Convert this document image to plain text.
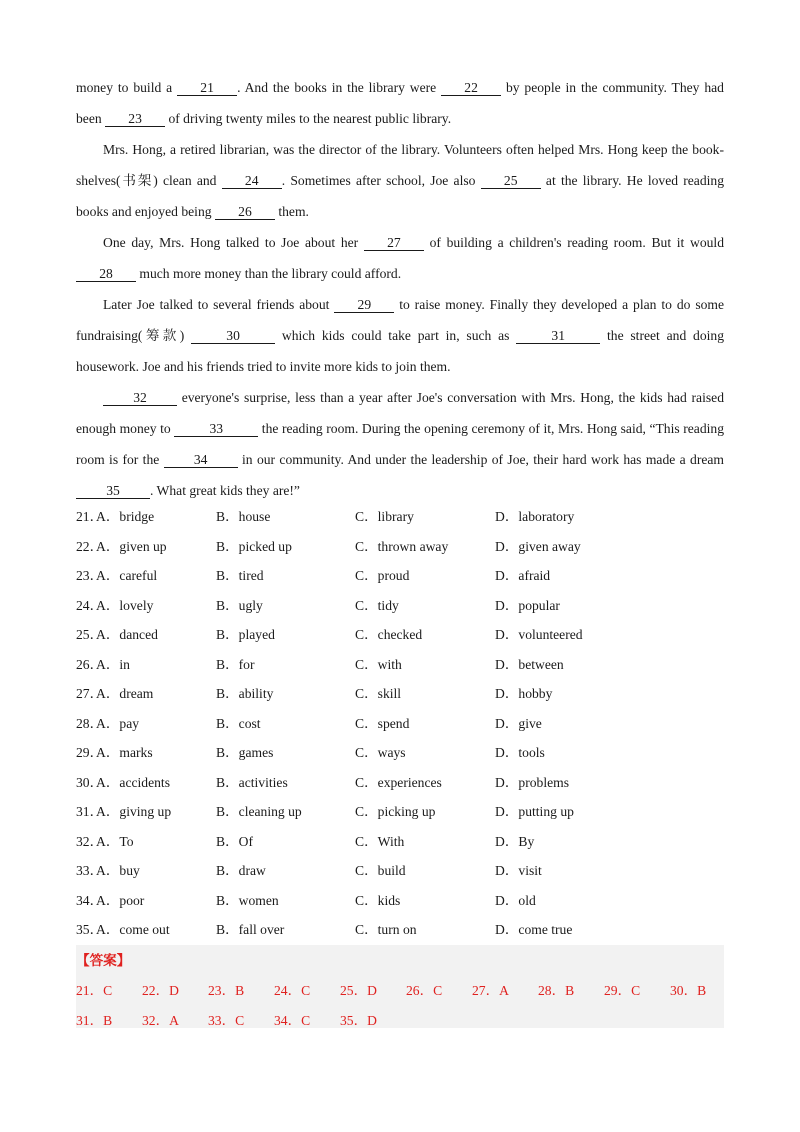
money to build a 21 . And the books in the library were 22 by people in the community. They had been 23 of driving twenty miles to the nearest public library.

Mrs. Hong, a retired librarian, was the director of the library. Volunteers often helped Mrs. Hong keep the book-shelves(书架) clean and 24 . Sometimes after school, Joe also 25 at the library. He loved reading books and enjoyed being 26 them.

One day, Mrs. Hong talked to Joe about her 27 of building a children's reading room. But it would 28 much more money than the library could afford.

Later Joe talked to several friends about 29 to raise money. Finally they developed a plan to do some fundraising(筹款)	30	which kids could take part in, such as	31	the street and doing housework. Joe and his friends tried to invite more kids to join them.

32 everyone's surprise, less than a year after Joe's conversation with Mrs. Hong, the kids had raised enough money to	33	the reading room. During the opening ceremony of it, Mrs. Hong said, “This reading room is for the 34 in our community. And under the leadership of Joe, their hard work has made a dream 35 . What great kids they are!”

21．
A．bridge	B．house	C．library	D．laboratory
22．
A．given up	B．picked up	C．thrown away	D．given away
23．
A．careful	B．tired	C．proud	D．afraid
24．
A．lovely	B．ugly	C．tidy	D．popular
25．
A．danced	B．played	C．checked	D．volunteered
26．
A．in	B．for	C．with	D．between
27．
A．dream	B．ability	C．skill	D．hobby
28．
A．pay	B．cost	C．spend	D．give
29．
A．marks	B．games	C．ways	D．tools
30．
A．accidents	B．activities	C．experiences	D．problems
31．
A．giving up	B．cleaning up	C．picking up	D．putting up
32．
A．To	B．Of	C．With	D．By
33．
A．buy	B．draw	C．build	D．visit
34．
A．poor	B．women	C．kids	D．old
35．
A．come out	B．fall over	C．turn on	D．come true
【答案】
21．C 22．D 23．B 24．C 25．D 26．C 27．A 28．B 29．C 30．B
31．B 32．A 33．C 34．C 35．D
